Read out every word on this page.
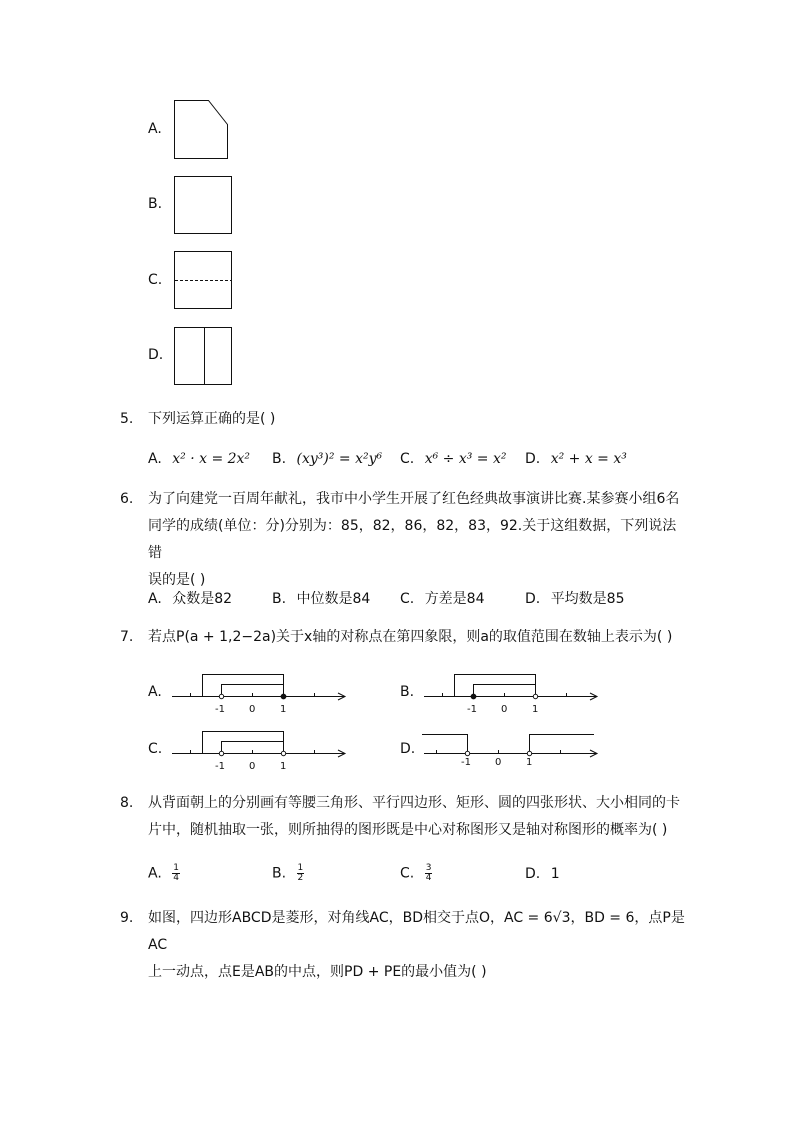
A.
B.
C.
D.
5. 下列运算正确的是( )
A. x² · x = 2x² B. (xy³)² = x²y⁶ C. x⁶ ÷ x³ = x² D. x² + x = x³
6. 为了向建党一百周年献礼，我市中小学生开展了红色经典故事演讲比赛.某参赛小组6名
同学的成绩(单位：分)分别为：85，82，86，82，83，92.关于这组数据，下列说法错
误的是( )
A. 众数是82	B. 中位数是84 C. 方差是84	D. 平均数是85
7. 若点P(a + 1,2−2a)关于x轴的对称点在第四象限，则a的取值范围在数轴上表示为( )
A.
-1 0 1
B.
-1 0 1
C.
-1 0 1
D.
-1 0 1
8. 从背面朝上的分别画有等腰三角形、平行四边形、矩形、圆的四张形状、大小相同的卡
片中，随机抽取一张，则所抽得的图形既是中心对称图形又是轴对称图形的概率为( )
A. $\frac{1}{4}$	B. $\frac{1}{2}$	C. $\frac{3}{4}$	D. 1
9. 如图，四边形ABCD是菱形，对角线AC，BD相交于点O，AC = 6√3，BD = 6，点P是AC
上一动点，点E是AB的中点，则PD + PE的最小值为( )
